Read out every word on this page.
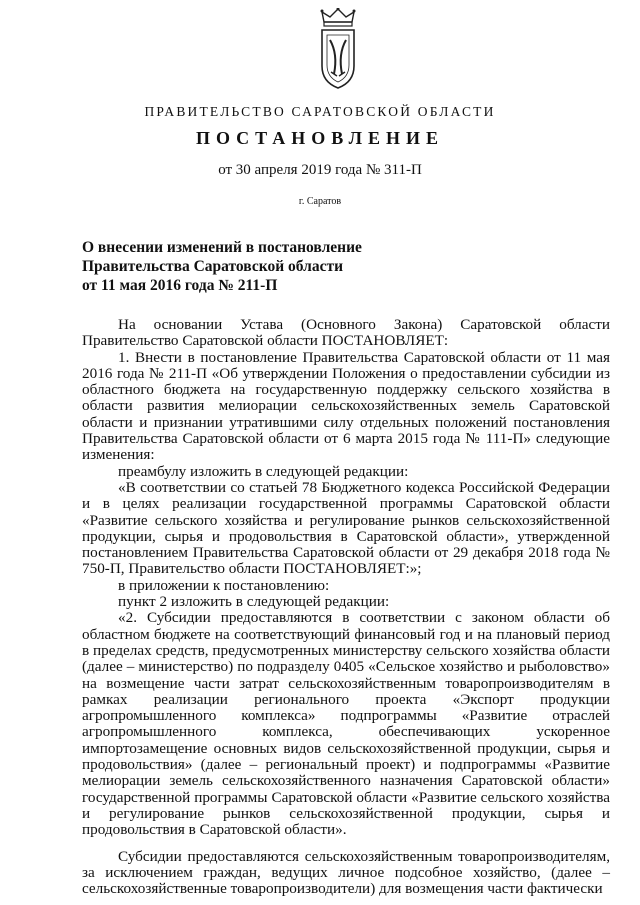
ПРАВИТЕЛЬСТВО САРАТОВСКОЙ ОБЛАСТИ
ПОСТАНОВЛЕНИЕ
от 30 апреля 2019 года № 311-П
г. Саратов
О внесении изменений в постановление
Правительства Саратовской области
от 11 мая 2016 года № 211-П

На основании Устава (Основного Закона) Саратовской области Правительство Саратовской области ПОСТАНОВЛЯЕТ:

1. Внести в постановление Правительства Саратовской области от 11 мая 2016 года № 211-П «Об утверждении Положения о предоставлении субсидии из областного бюджета на государственную поддержку сельского хозяйства в области развития мелиорации сельскохозяйственных земель Саратовской области и признании утратившими силу отдельных положений постановления Правительства Саратовской области от 6 марта 2015 года № 111-П» следующие изменения:

преамбулу изложить в следующей редакции:

«В соответствии со статьей 78 Бюджетного кодекса Российской Федерации и в целях реализации государственной программы Саратовской области «Развитие сельского хозяйства и регулирование рынков сельскохозяйственной продукции, сырья и продовольствия в Саратовской области», утвержденной постановлением Правительства Саратовской области от 29 декабря 2018 года № 750-П, Правительство области ПОСТАНОВЛЯЕТ:»;

в приложении к постановлению:

пункт 2 изложить в следующей редакции:

«2. Субсидии предоставляются в соответствии с законом области об областном бюджете на соответствующий финансовый год и на плановый период в пределах средств, предусмотренных министерству сельского хозяйства области (далее – министерство) по подразделу 0405 «Сельское хозяйство и рыболовство» на возмещение части затрат сельскохозяйственным товаропроизводителям в рамках реализации регионального проекта «Экспорт продукции агропромышленного комплекса» подпрограммы «Развитие отраслей агропромышленного комплекса, обеспечивающих ускоренное импортозамещение основных видов сельскохозяйственной продукции, сырья и продовольствия» (далее – региональный проект) и подпрограммы «Развитие мелиорации земель сельскохозяйственного назначения Саратовской области» государственной программы Саратовской области «Развитие сельского хозяйства и регулирование рынков сельскохозяйственной продукции, сырья и продовольствия в Саратовской области».

Субсидии предоставляются сельскохозяйственным товаропроизводителям, за исключением граждан, ведущих личное подсобное хозяйство, (далее – сельскохозяйственные товаропроизводители) для возмещения части фактически
